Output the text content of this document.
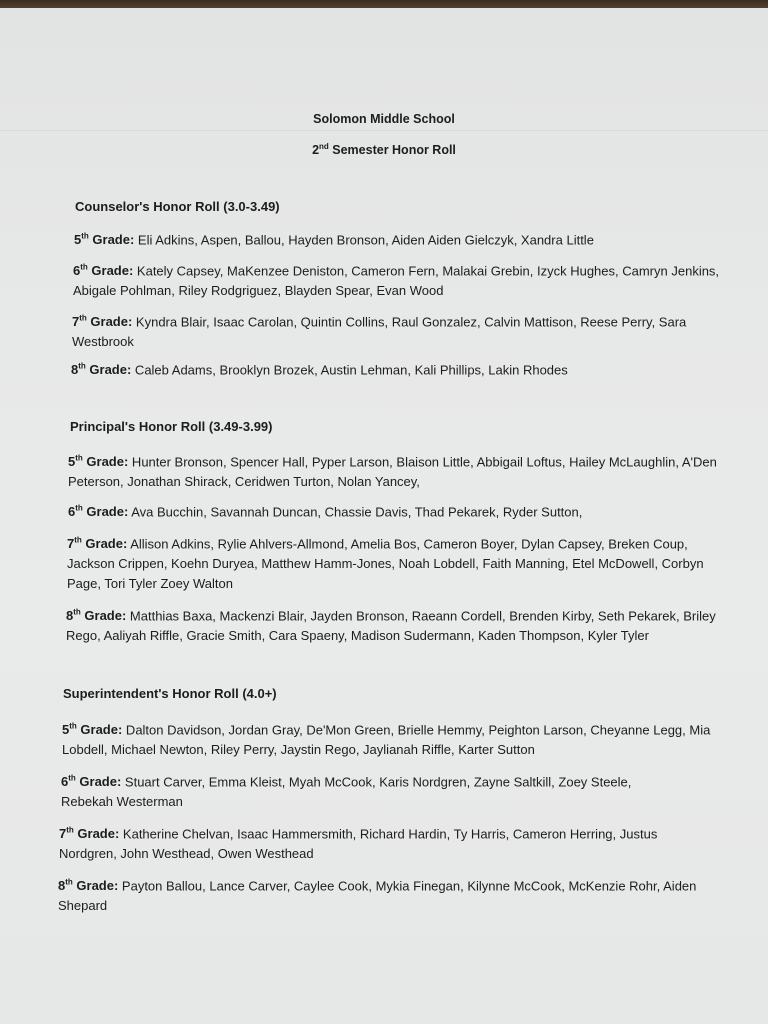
Solomon Middle School
2nd Semester Honor Roll
Counselor's Honor Roll (3.0-3.49)
5th Grade: Eli Adkins, Aspen, Ballou, Hayden Bronson, Aiden Aiden Gielczyk, Xandra Little
6th Grade: Kately Capsey, MaKenzee Deniston, Cameron Fern, Malakai Grebin, Izyck Hughes, Camryn Jenkins, Abigale Pohlman, Riley Rodgriguez, Blayden Spear, Evan Wood
7th Grade: Kyndra Blair, Isaac Carolan, Quintin Collins, Raul Gonzalez, Calvin Mattison, Reese Perry, Sara Westbrook
8th Grade: Caleb Adams, Brooklyn Brozek, Austin Lehman, Kali Phillips, Lakin Rhodes
Principal's Honor Roll (3.49-3.99)
5th Grade: Hunter Bronson, Spencer Hall, Pyper Larson, Blaison Little, Abbigail Loftus, Hailey McLaughlin, A'Den Peterson, Jonathan Shirack, Ceridwen Turton, Nolan Yancey,
6th Grade: Ava Bucchin, Savannah Duncan, Chassie Davis, Thad Pekarek, Ryder Sutton,
7th Grade: Allison Adkins, Rylie Ahlvers-Allmond, Amelia Bos, Cameron Boyer, Dylan Capsey, Breken Coup, Jackson Crippen, Koehn Duryea, Matthew Hamm-Jones, Noah Lobdell, Faith Manning, Etel McDowell, Corbyn Page, Tori Tyler Zoey Walton
8th Grade: Matthias Baxa, Mackenzi Blair, Jayden Bronson, Raeann Cordell, Brenden Kirby, Seth Pekarek, Briley Rego, Aaliyah Riffle, Gracie Smith, Cara Spaeny, Madison Sudermann, Kaden Thompson, Kyler Tyler
Superintendent's Honor Roll (4.0+)
5th Grade: Dalton Davidson, Jordan Gray, De'Mon Green, Brielle Hemmy, Peighton Larson, Cheyanne Legg, Mia Lobdell, Michael Newton, Riley Perry, Jaystin Rego, Jaylianah Riffle, Karter Sutton
6th Grade: Stuart Carver, Emma Kleist, Myah McCook, Karis Nordgren, Zayne Saltkill, Zoey Steele, Rebekah Westerman
7th Grade: Katherine Chelvan, Isaac Hammersmith, Richard Hardin, Ty Harris, Cameron Herring, Justus Nordgren, John Westhead, Owen Westhead
8th Grade: Payton Ballou, Lance Carver, Caylee Cook, Mykia Finegan, Kilynne McCook, McKenzie Rohr, Aiden Shepard
